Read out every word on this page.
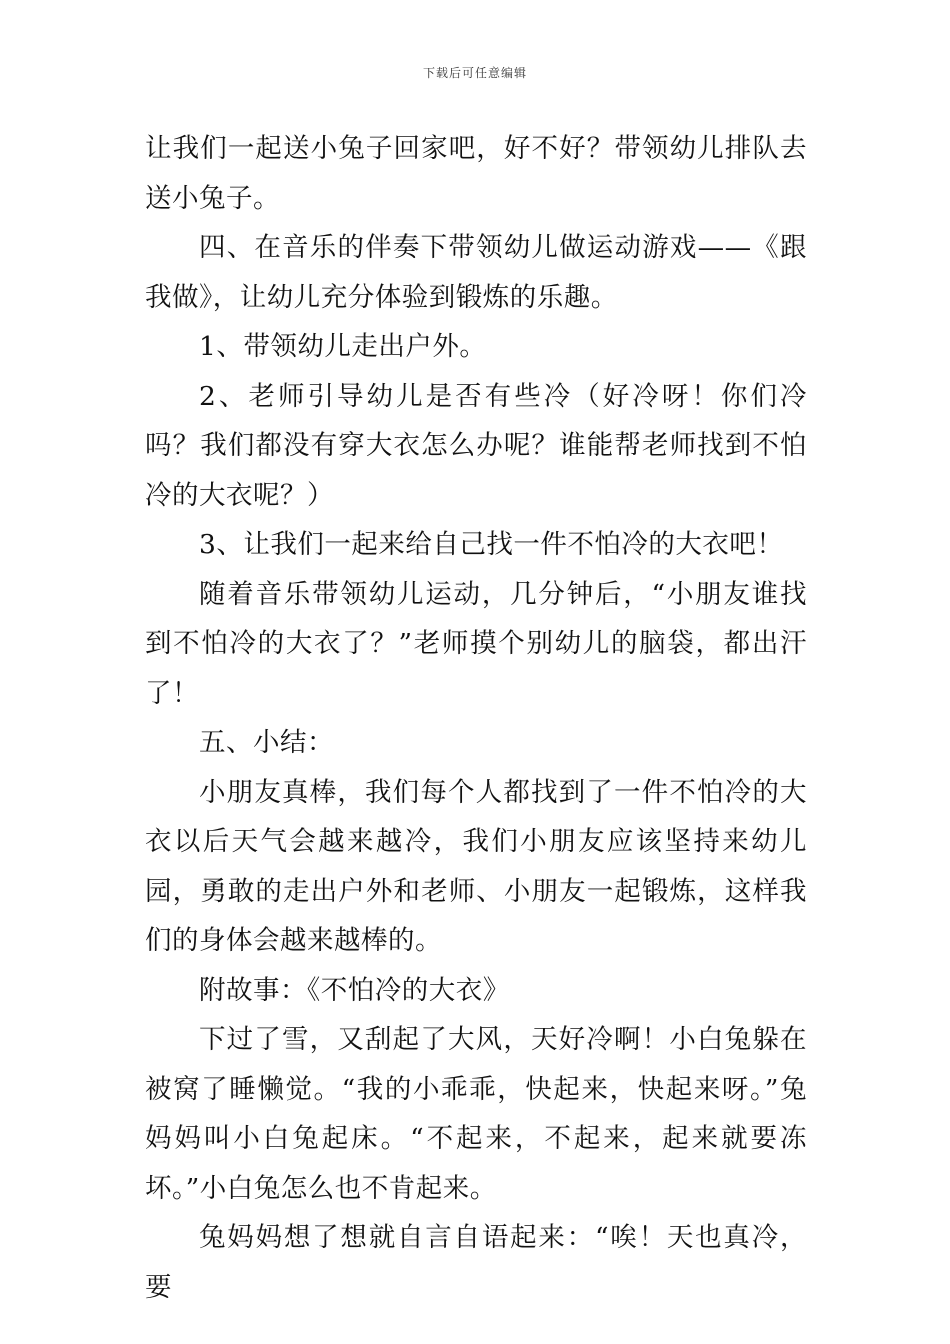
下载后可任意编辑

让我们一起送小兔子回家吧，好不好？带领幼儿排队去送小兔子。

四、在音乐的伴奏下带领幼儿做运动游戏——《跟我做》，让幼儿充分体验到锻炼的乐趣。

1、带领幼儿走出户外。

2、老师引导幼儿是否有些冷（好冷呀！你们冷吗？我们都没有穿大衣怎么办呢？谁能帮老师找到不怕冷的大衣呢？）

3、让我们一起来给自己找一件不怕冷的大衣吧！

随着音乐带领幼儿运动，几分钟后，“小朋友谁找到不怕冷的大衣了？”老师摸个别幼儿的脑袋，都出汗了！

五、小结：

小朋友真棒，我们每个人都找到了一件不怕冷的大衣以后天气会越来越冷，我们小朋友应该坚持来幼儿园，勇敢的走出户外和老师、小朋友一起锻炼，这样我们的身体会越来越棒的。

附故事：《不怕冷的大衣》

下过了雪，又刮起了大风，天好冷啊！小白兔躲在被窝了睡懒觉。“我的小乖乖，快起来，快起来呀。”兔妈妈叫小白兔起床。“不起来，不起来，起来就要冻坏。”小白兔怎么也不肯起来。

兔妈妈想了想就自言自语起来：“唉！天也真冷，要
